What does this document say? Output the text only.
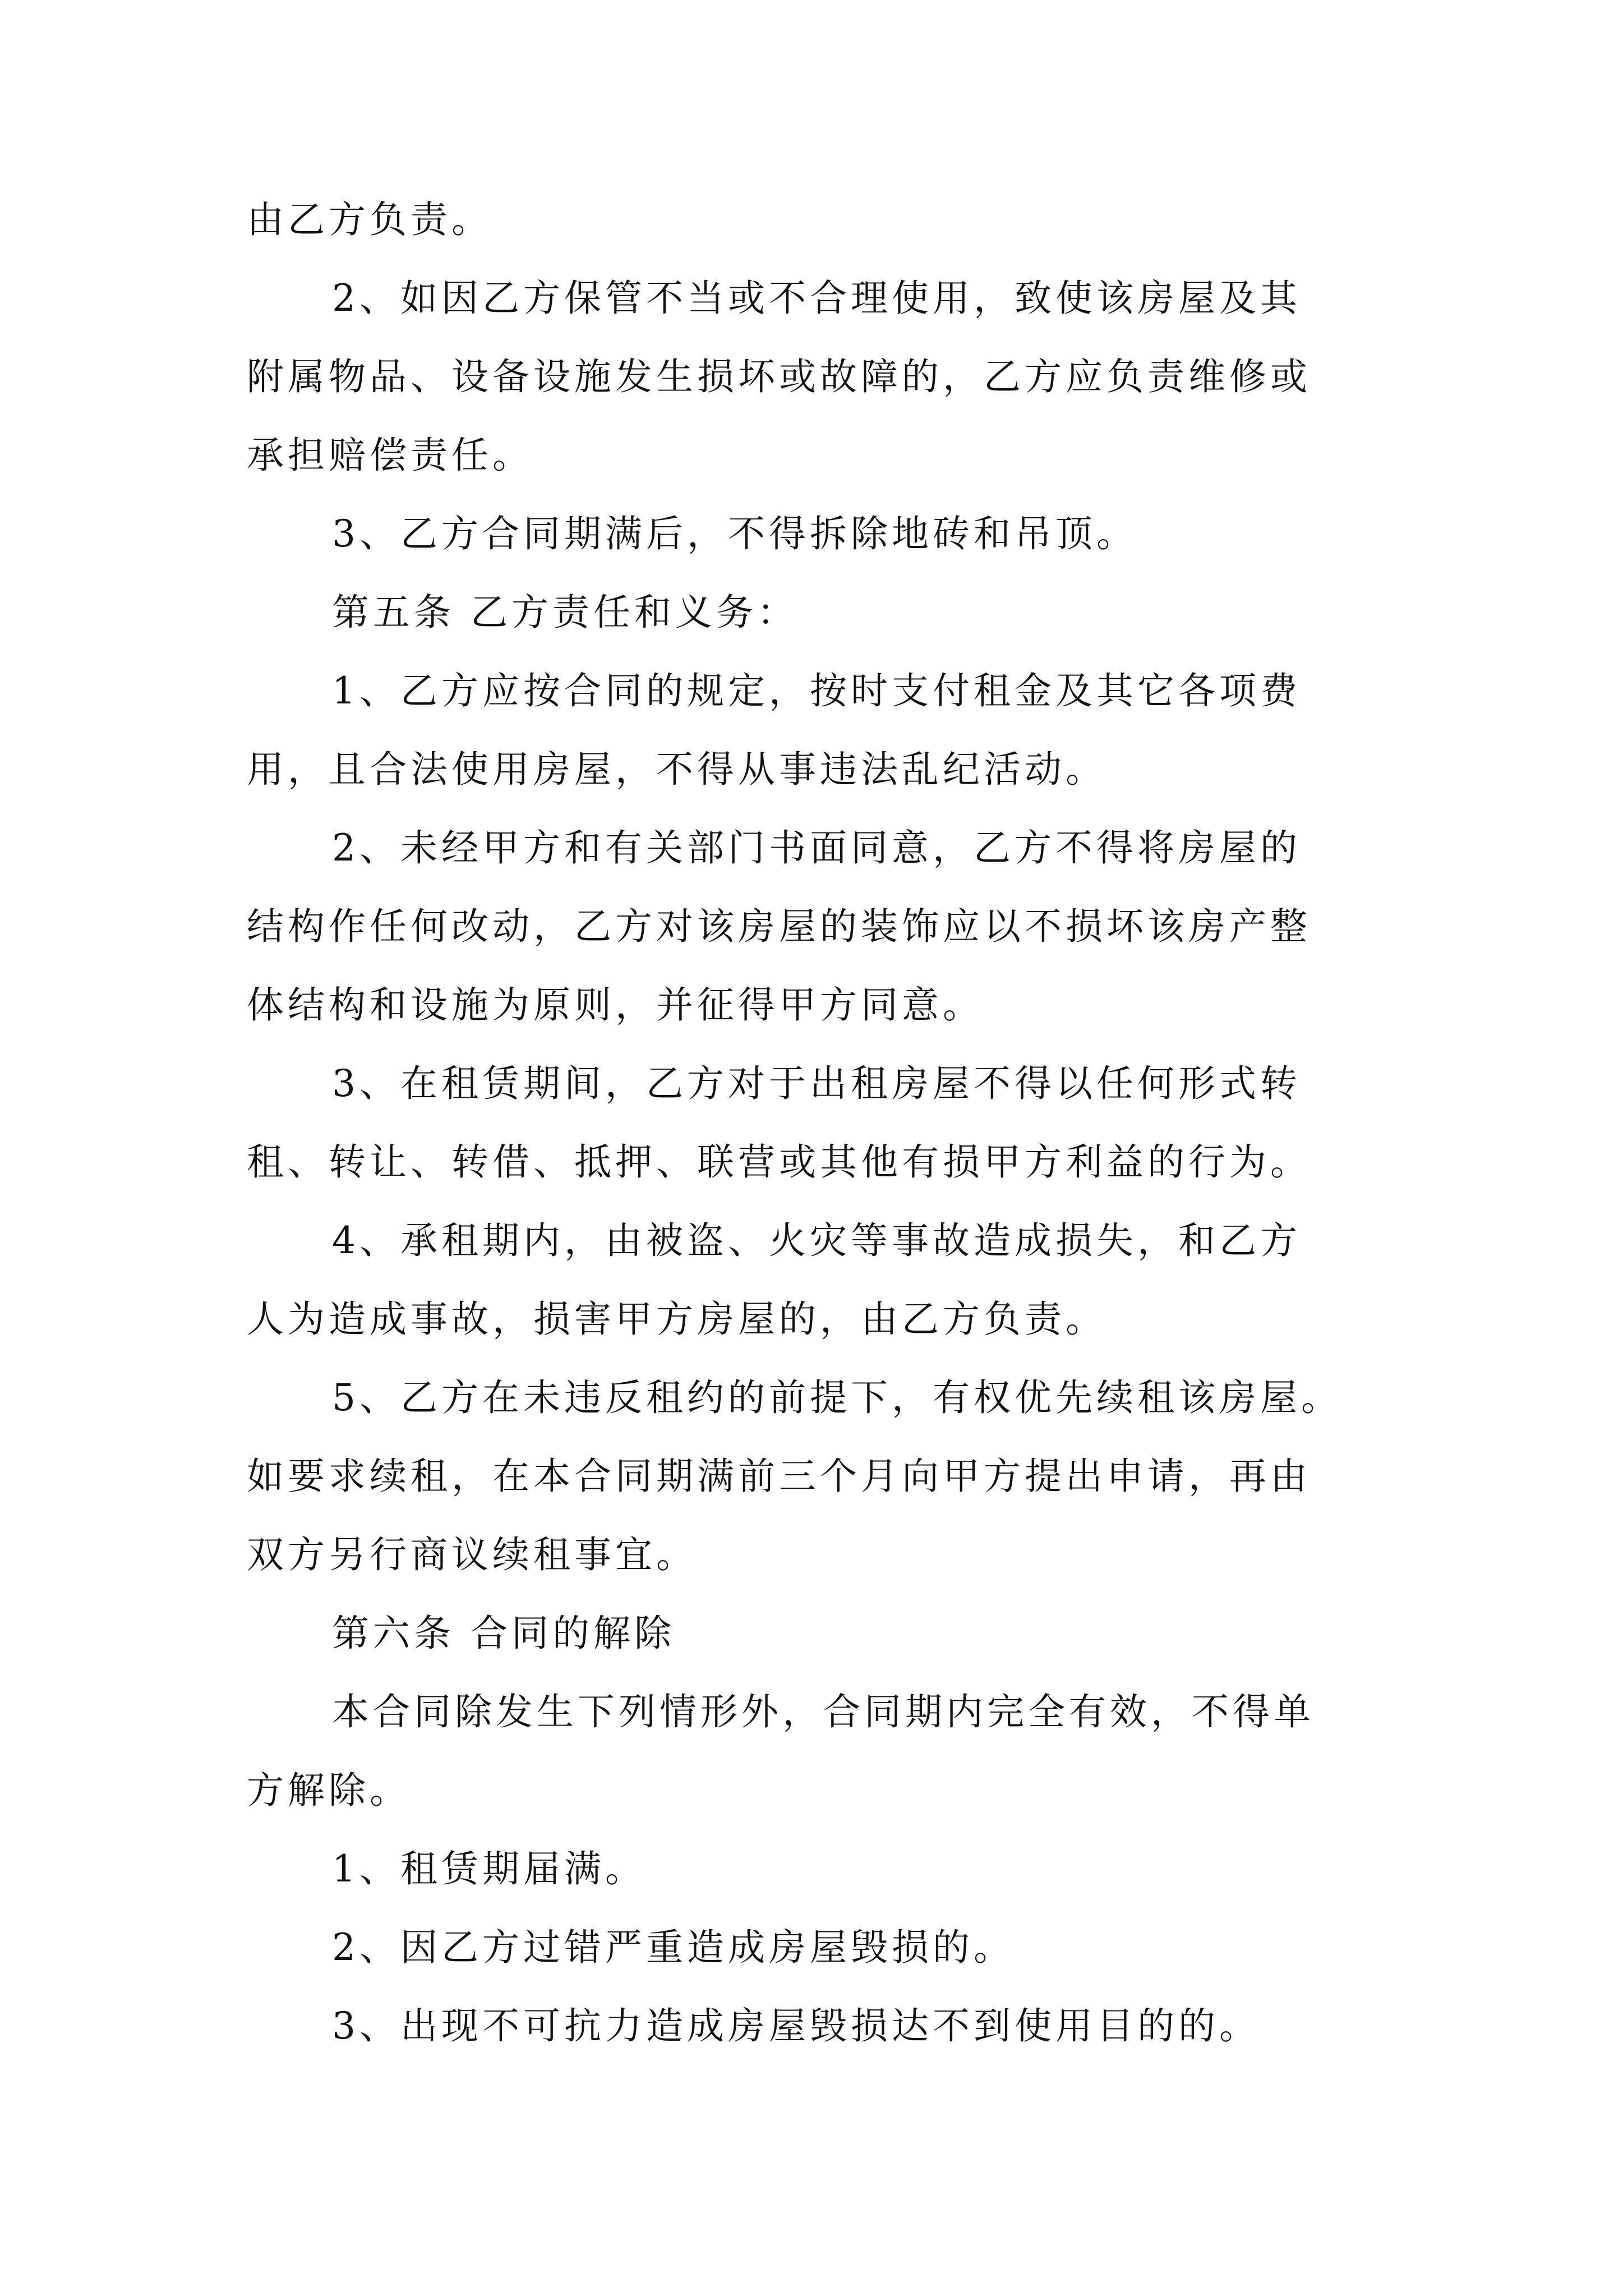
由乙方负责。
2、如因乙方保管不当或不合理使用，致使该房屋及其
附属物品、设备设施发生损坏或故障的，乙方应负责维修或
承担赔偿责任。
3、乙方合同期满后，不得拆除地砖和吊顶。
第五条 乙方责任和义务：
1、乙方应按合同的规定，按时支付租金及其它各项费
用，且合法使用房屋，不得从事违法乱纪活动。
2、未经甲方和有关部门书面同意，乙方不得将房屋的
结构作任何改动，乙方对该房屋的装饰应以不损坏该房产整
体结构和设施为原则，并征得甲方同意。
3、在租赁期间，乙方对于出租房屋不得以任何形式转
租、转让、转借、抵押、联营或其他有损甲方利益的行为。
4、承租期内，由被盗、火灾等事故造成损失，和乙方
人为造成事故，损害甲方房屋的，由乙方负责。
5、乙方在未违反租约的前提下，有权优先续租该房屋。
如要求续租，在本合同期满前三个月向甲方提出申请，再由
双方另行商议续租事宜。
第六条 合同的解除
本合同除发生下列情形外，合同期内完全有效，不得单
方解除。
1、租赁期届满。
2、因乙方过错严重造成房屋毁损的。
3、出现不可抗力造成房屋毁损达不到使用目的的。
